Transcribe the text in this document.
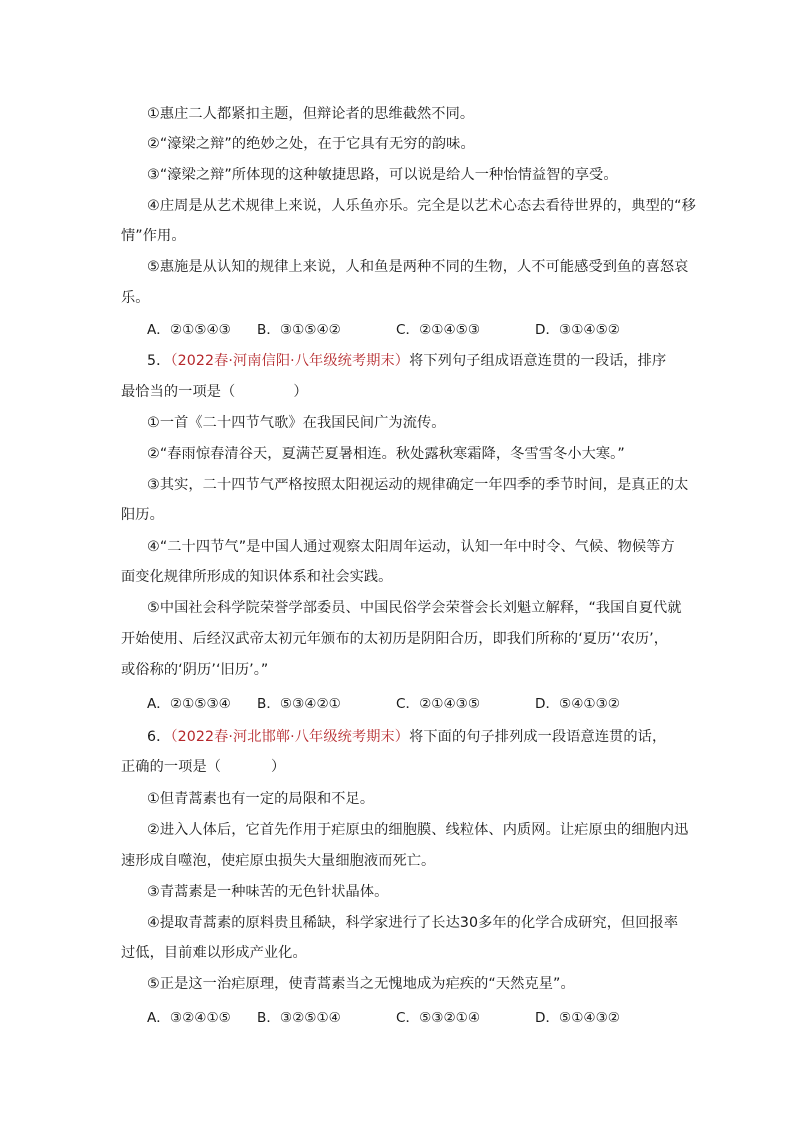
①惠庄二人都紧扣主题，但辩论者的思维截然不同。
②“濠梁之辩”的绝妙之处，在于它具有无穷的韵味。
③“濠梁之辩”所体现的这种敏捷思路，可以说是给人一种怡情益智的享受。
④庄周是从艺术规律上来说，人乐鱼亦乐。完全是以艺术心态去看待世界的，典型的“移
情”作用。
⑤惠施是从认知的规律上来说，人和鱼是两种不同的生物，人不可能感受到鱼的喜怒哀
乐。
A．②①⑤④③ B．③①⑤④②	C．②①④⑤③	D．③①④⑤②
5．（2022春·河南信阳·八年级统考期末）将下列句子组成语意连贯的一段话，排序
最恰当的一项是（	）
①一首《二十四节气歌》在我国民间广为流传。
②“春雨惊春清谷天，夏满芒夏暑相连。秋处露秋寒霜降，冬雪雪冬小大寒。”
③其实，二十四节气严格按照太阳视运动的规律确定一年四季的季节时间，是真正的太
阳历。
④“二十四节气”是中国人通过观察太阳周年运动，认知一年中时令、气候、物候等方
面变化规律所形成的知识体系和社会实践。
⑤中国社会科学院荣誉学部委员、中国民俗学会荣誉会长刘魁立解释，“我国自夏代就
开始使用、后经汉武帝太初元年颁布的太初历是阴阳合历，即我们所称的‘夏历’‘农历’，
或俗称的‘阴历’‘旧历’。”
A．②①⑤③④ B．⑤③④②①	C．②①④③⑤	D．⑤④①③②
6．（2022春·河北邯郸·八年级统考期末）将下面的句子排列成一段语意连贯的话，
正确的一项是（	）
①但青蒿素也有一定的局限和不足。
②进入人体后，它首先作用于疟原虫的细胞膜、线粒体、内质网。让疟原虫的细胞内迅
速形成自噬泡，使疟原虫损失大量细胞液而死亡。
③青蒿素是一种味苦的无色针状晶体。
④提取青蒿素的原料贵且稀缺，科学家进行了长达30多年的化学合成研究，但回报率
过低，目前难以形成产业化。
⑤正是这一治疟原理，使青蒿素当之无愧地成为疟疾的“天然克星”。
A．③②④①⑤ B．③②⑤①④	C．⑤③②①④	D．⑤①④③②
